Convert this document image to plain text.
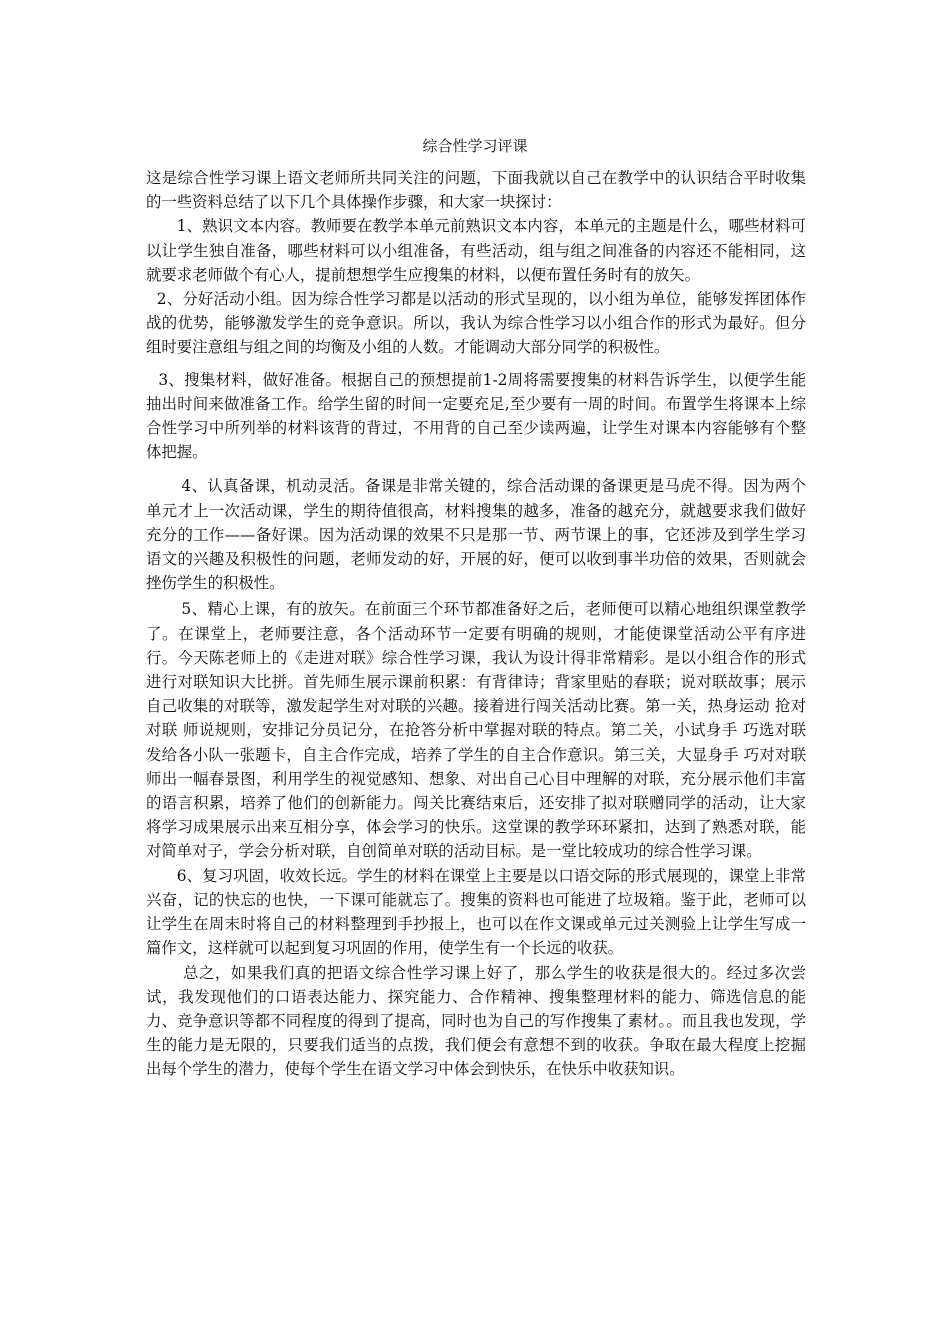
综合性学习评课

这是综合性学习课上语文老师所共同关注的问题，下面我就以自己在教学中的认识结合平时收集的一些资料总结了以下几个具体操作步骤，和大家一块探讨：

1、熟识文本内容。教师要在教学本单元前熟识文本内容，本单元的主题是什么，哪些材料可以让学生独自准备，哪些材料可以小组准备，有些活动，组与组之间准备的内容还不能相同，这就要求老师做个有心人，提前想想学生应搜集的材料，以便布置任务时有的放矢。

2、分好活动小组。因为综合性学习都是以活动的形式呈现的，以小组为单位，能够发挥团体作战的优势，能够激发学生的竞争意识。所以，我认为综合性学习以小组合作的形式为最好。但分组时要注意组与组之间的均衡及小组的人数。才能调动大部分同学的积极性。

3、搜集材料，做好准备。根据自己的预想提前1-2周将需要搜集的材料告诉学生，以便学生能抽出时间来做准备工作。给学生留的时间一定要充足,至少要有一周的时间。布置学生将课本上综合性学习中所列举的材料该背的背过，不用背的自己至少读两遍，让学生对课本内容能够有个整体把握。

4、认真备课，机动灵活。备课是非常关键的，综合活动课的备课更是马虎不得。因为两个单元才上一次活动课，学生的期待值很高，材料搜集的越多，准备的越充分，就越要求我们做好充分的工作——备好课。因为活动课的效果不只是那一节、两节课上的事，它还涉及到学生学习语文的兴趣及积极性的问题，老师发动的好，开展的好，便可以收到事半功倍的效果，否则就会挫伤学生的积极性。

5、精心上课，有的放矢。在前面三个环节都准备好之后，老师便可以精心地组织课堂教学了。在课堂上，老师要注意，各个活动环节一定要有明确的规则，才能使课堂活动公平有序进行。今天陈老师上的《走进对联》综合性学习课，我认为设计得非常精彩。是以小组合作的形式进行对联知识大比拼。首先师生展示课前积累：有背律诗；背家里贴的春联；说对联故事；展示自己收集的对联等，激发起学生对对联的兴趣。接着进行闯关活动比赛。第一关，热身运动 抢对对联 师说规则，安排记分员记分，在抢答分析中掌握对联的特点。第二关，小试身手 巧选对联 发给各小队一张题卡，自主合作完成，培养了学生的自主合作意识。第三关，大显身手 巧对对联 师出一幅春景图，利用学生的视觉感知、想象、对出自己心目中理解的对联，充分展示他们丰富的语言积累，培养了他们的创新能力。闯关比赛结束后，还安排了拟对联赠同学的活动，让大家将学习成果展示出来互相分享，体会学习的快乐。这堂课的教学环环紧扣，达到了熟悉对联，能对简单对子，学会分析对联，自创简单对联的活动目标。是一堂比较成功的综合性学习课。

6、复习巩固，收效长远。学生的材料在课堂上主要是以口语交际的形式展现的，课堂上非常兴奋，记的快忘的也快，一下课可能就忘了。搜集的资料也可能进了垃圾箱。鉴于此，老师可以让学生在周末时将自己的材料整理到手抄报上，也可以在作文课或单元过关测验上让学生写成一篇作文，这样就可以起到复习巩固的作用，使学生有一个长远的收获。

总之，如果我们真的把语文综合性学习课上好了，那么学生的收获是很大的。经过多次尝试，我发现他们的口语表达能力、探究能力、合作精神、搜集整理材料的能力、筛选信息的能力、竞争意识等都不同程度的得到了提高，同时也为自己的写作搜集了素材。。而且我也发现，学生的能力是无限的，只要我们适当的点拨，我们便会有意想不到的收获。争取在最大程度上挖掘出每个学生的潜力，使每个学生在语文学习中体会到快乐，在快乐中收获知识。
